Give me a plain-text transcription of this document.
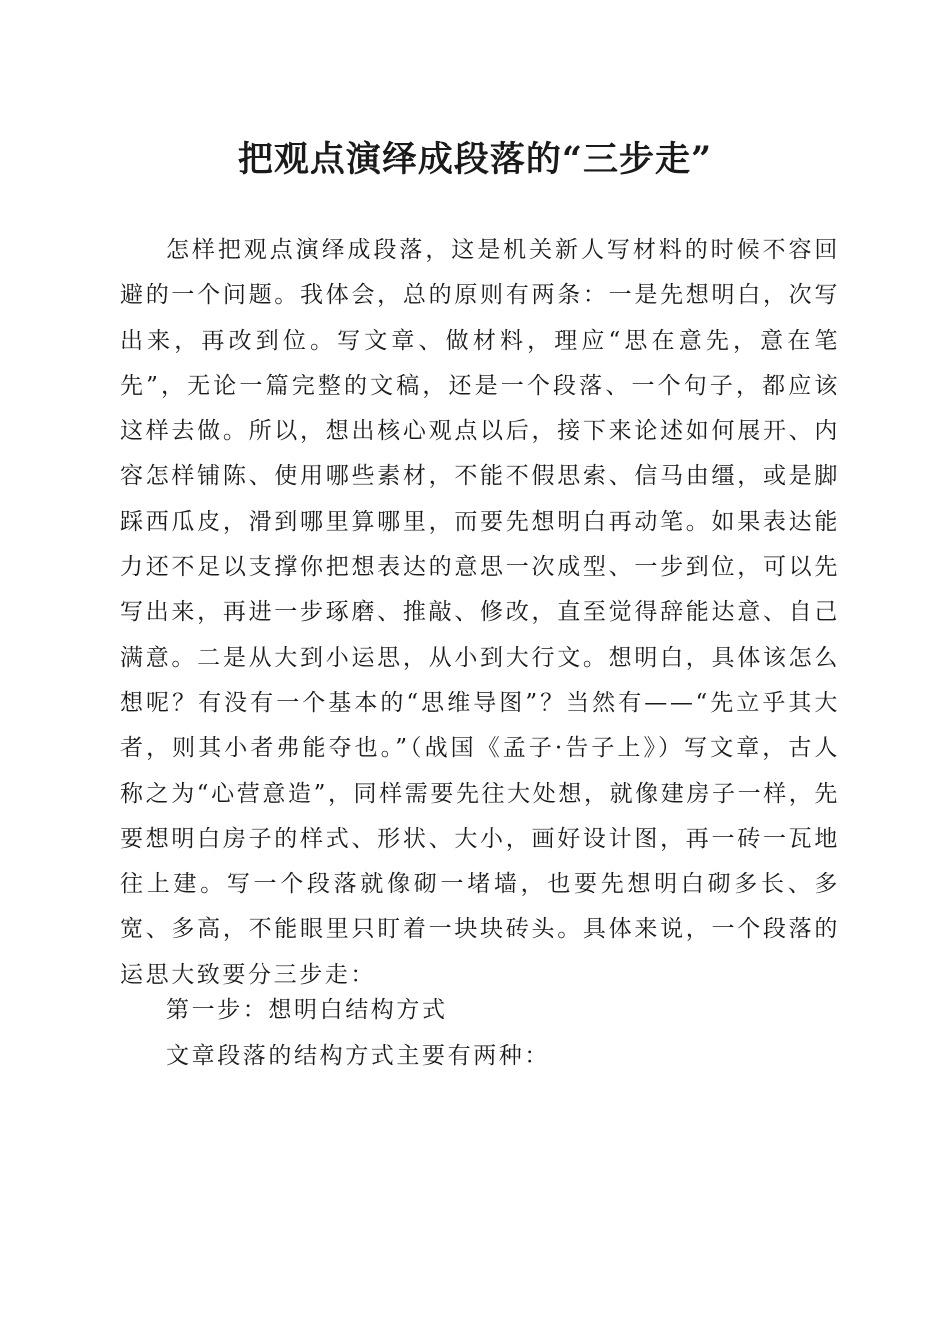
把观点演绎成段落的“三步走”

怎样把观点演绎成段落，这是机关新人写材料的时候不容回避的一个问题。我体会，总的原则有两条：一是先想明白，次写出来，再改到位。写文章、做材料，理应“思在意先，意在笔先”，无论一篇完整的文稿，还是一个段落、一个句子，都应该这样去做。所以，想出核心观点以后，接下来论述如何展开、内容怎样铺陈、使用哪些素材，不能不假思索、信马由缰，或是脚踩西瓜皮，滑到哪里算哪里，而要先想明白再动笔。如果表达能力还不足以支撑你把想表达的意思一次成型、一步到位，可以先写出来，再进一步琢磨、推敲、修改，直至觉得辞能达意、自己满意。二是从大到小运思，从小到大行文。想明白，具体该怎么想呢？有没有一个基本的“思维导图”？当然有——“先立乎其大者，则其小者弗能夺也。”（战国《孟子·告子上》）写文章，古人称之为“心营意造”，同样需要先往大处想，就像建房子一样，先要想明白房子的样式、形状、大小，画好设计图，再一砖一瓦地往上建。写一个段落就像砌一堵墙，也要先想明白砌多长、多宽、多高，不能眼里只盯着一块块砖头。具体来说，一个段落的运思大致要分三步走：

第一步：想明白结构方式

文章段落的结构方式主要有两种：
